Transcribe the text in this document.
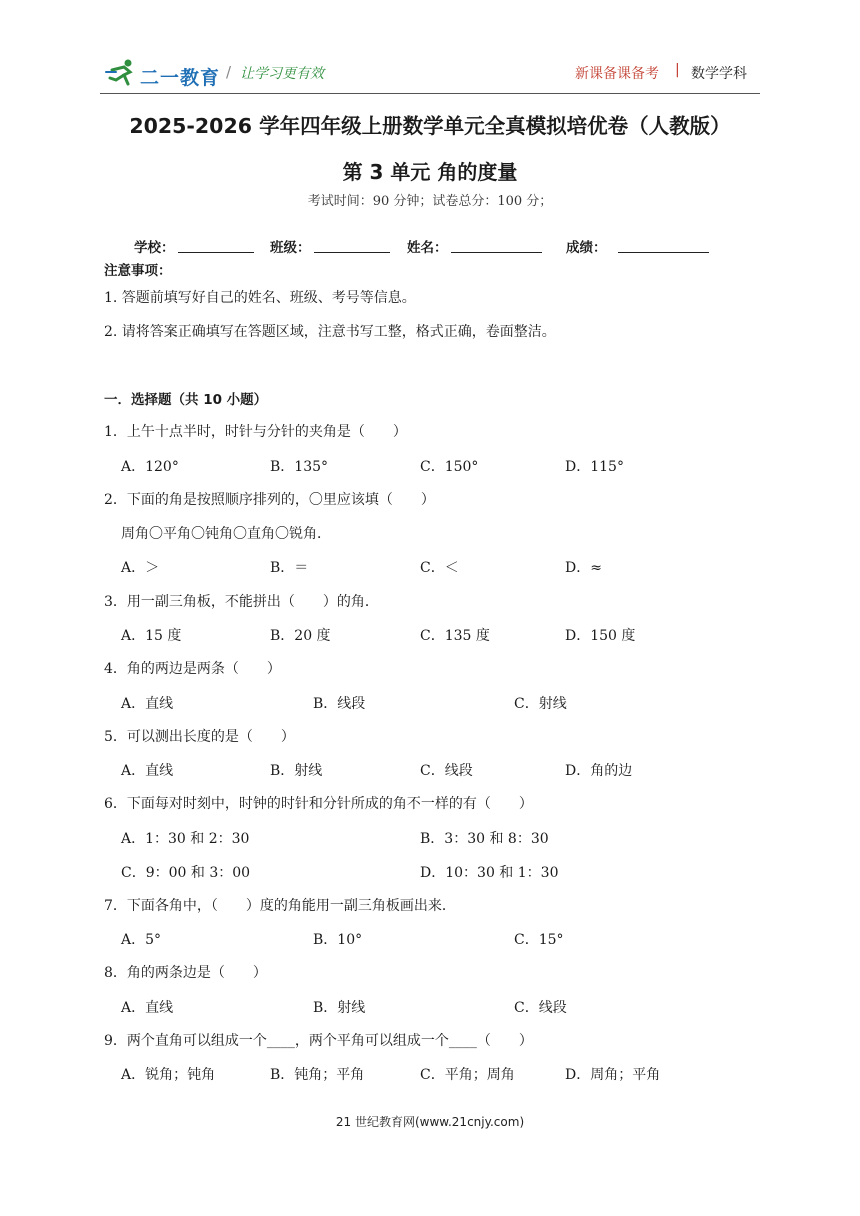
二一教育 / 让学习更有效	新课备课备考 | 数学学科
2025-2026 学年四年级上册数学单元全真模拟培优卷（人教版）
第 3 单元 角的度量
考试时间：90 分钟；试卷总分：100 分；
学校：	班级：	姓名：	成绩：
注意事项：
1. 答题前填写好自己的姓名、班级、考号等信息。
2. 请将答案正确填写在答题区域，注意书写工整，格式正确，卷面整洁。
一．选择题（共 10 小题）
1．上午十点半时，时针与分针的夹角是（　　）
A．120°	B．135°	C．150°	D．115°
2．下面的角是按照顺序排列的，〇里应该填（　　）
周角〇平角〇钝角〇直角〇锐角．
A．＞	B．＝	C．＜	D．≈
3．用一副三角板，不能拼出（　　）的角．
A．15 度	B．20 度	C．135 度	D．150 度
4．角的两边是两条（　　）
A．直线	B．线段	C．射线
5．可以测出长度的是（　　）
A．直线	B．射线	C．线段	D．角的边
6．下面每对时刻中，时钟的时针和分针所成的角不一样的有（　　）
A．1：30 和 2：30	B．3：30 和 8：30
C．9：00 和 3：00	D．10：30 和 1：30
7．下面各角中，（　　）度的角能用一副三角板画出来．
A．5°	B．10°	C．15°
8．角的两条边是（　　）
A．直线	B．射线	C．线段
9．两个直角可以组成一个____，两个平角可以组成一个____（　　）
A．锐角；钝角	B．钝角；平角	C．平角；周角	D．周角；平角
21 世纪教育网(www.21cnjy.com)
